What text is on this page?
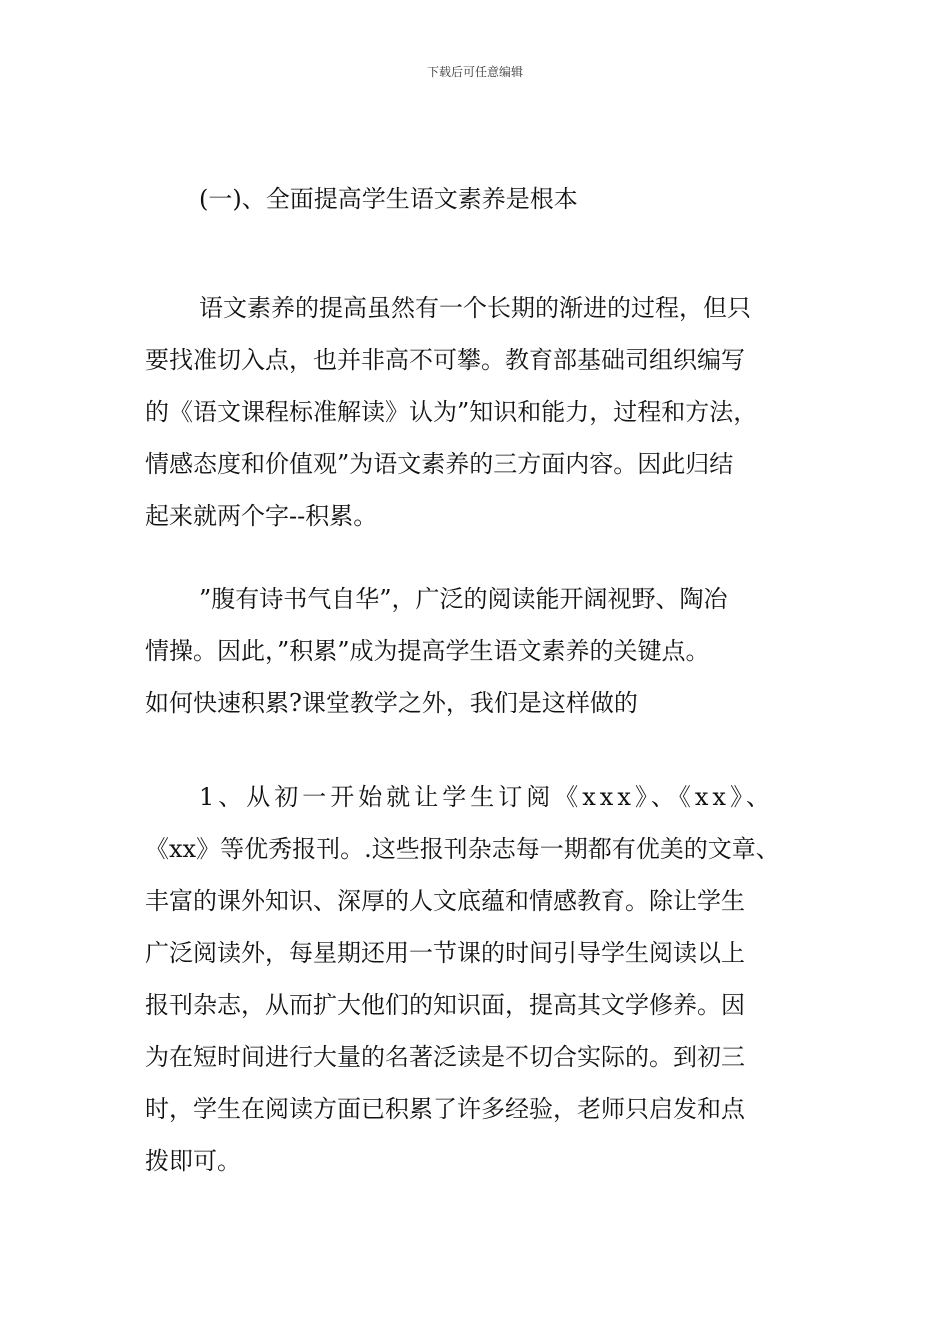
下载后可任意编辑
(一)、全面提高学生语文素养是根本
语文素养的提高虽然有一个长期的渐进的过程，但只
要找准切入点，也并非高不可攀。教育部基础司组织编写
的《语文课程标准解读》认为”知识和能力，过程和方法，
情感态度和价值观”为语文素养的三方面内容。因此归结
起来就两个字--积累。
”腹有诗书气自华”，广泛的阅读能开阔视野、陶冶
情操。因此，”积累”成为提高学生语文素养的关键点。
如何快速积累?课堂教学之外，我们是这样做的
1、从初一开始就让学生订阅《xxx》、《xx》、
《xx》等优秀报刊。.这些报刊杂志每一期都有优美的文章、
丰富的课外知识、深厚的人文底蕴和情感教育。除让学生
广泛阅读外，每星期还用一节课的时间引导学生阅读以上
报刊杂志，从而扩大他们的知识面，提高其文学修养。因
为在短时间进行大量的名著泛读是不切合实际的。到初三
时，学生在阅读方面已积累了许多经验，老师只启发和点
拨即可。
